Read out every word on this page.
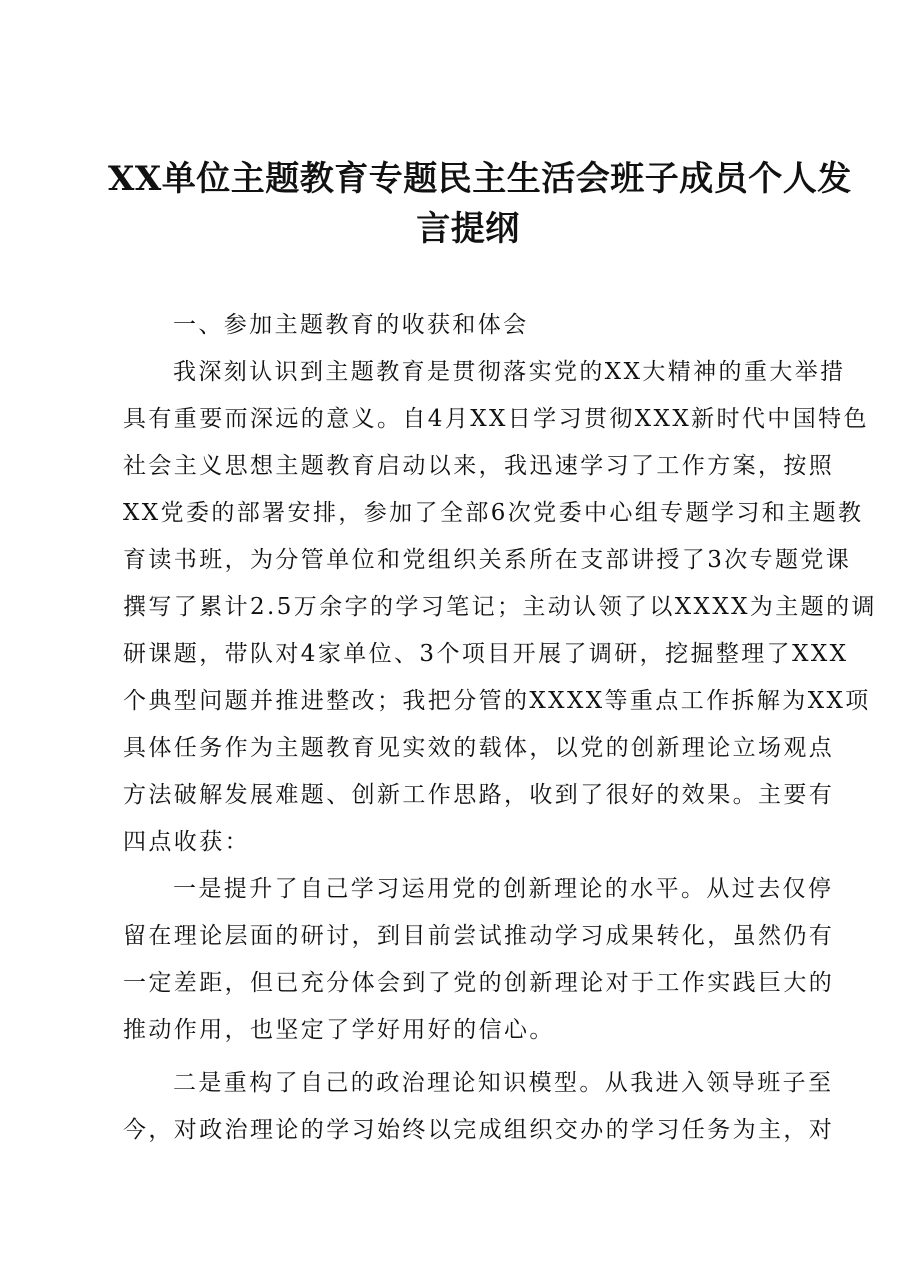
XX单位主题教育专题民主生活会班子成员个人发
言提纲
一、参加主题教育的收获和体会
我深刻认识到主题教育是贯彻落实党的XX大精神的重大举措
具有重要而深远的意义。自4月XX日学习贯彻XXX新时代中国特色
社会主义思想主题教育启动以来，我迅速学习了工作方案，按照
XX党委的部署安排，参加了全部6次党委中心组专题学习和主题教
育读书班，为分管单位和党组织关系所在支部讲授了3次专题党课
撰写了累计2.5万余字的学习笔记；主动认领了以XXXX为主题的调
研课题，带队对4家单位、3个项目开展了调研，挖掘整理了XXX
个典型问题并推进整改；我把分管的XXXX等重点工作拆解为XX项
具体任务作为主题教育见实效的载体，以党的创新理论立场观点
方法破解发展难题、创新工作思路，收到了很好的效果。主要有
四点收获：
一是提升了自己学习运用党的创新理论的水平。从过去仅停
留在理论层面的研讨，到目前尝试推动学习成果转化，虽然仍有
一定差距，但已充分体会到了党的创新理论对于工作实践巨大的
推动作用，也坚定了学好用好的信心。
二是重构了自己的政治理论知识模型。从我进入领导班子至
今，对政治理论的学习始终以完成组织交办的学习任务为主，对
